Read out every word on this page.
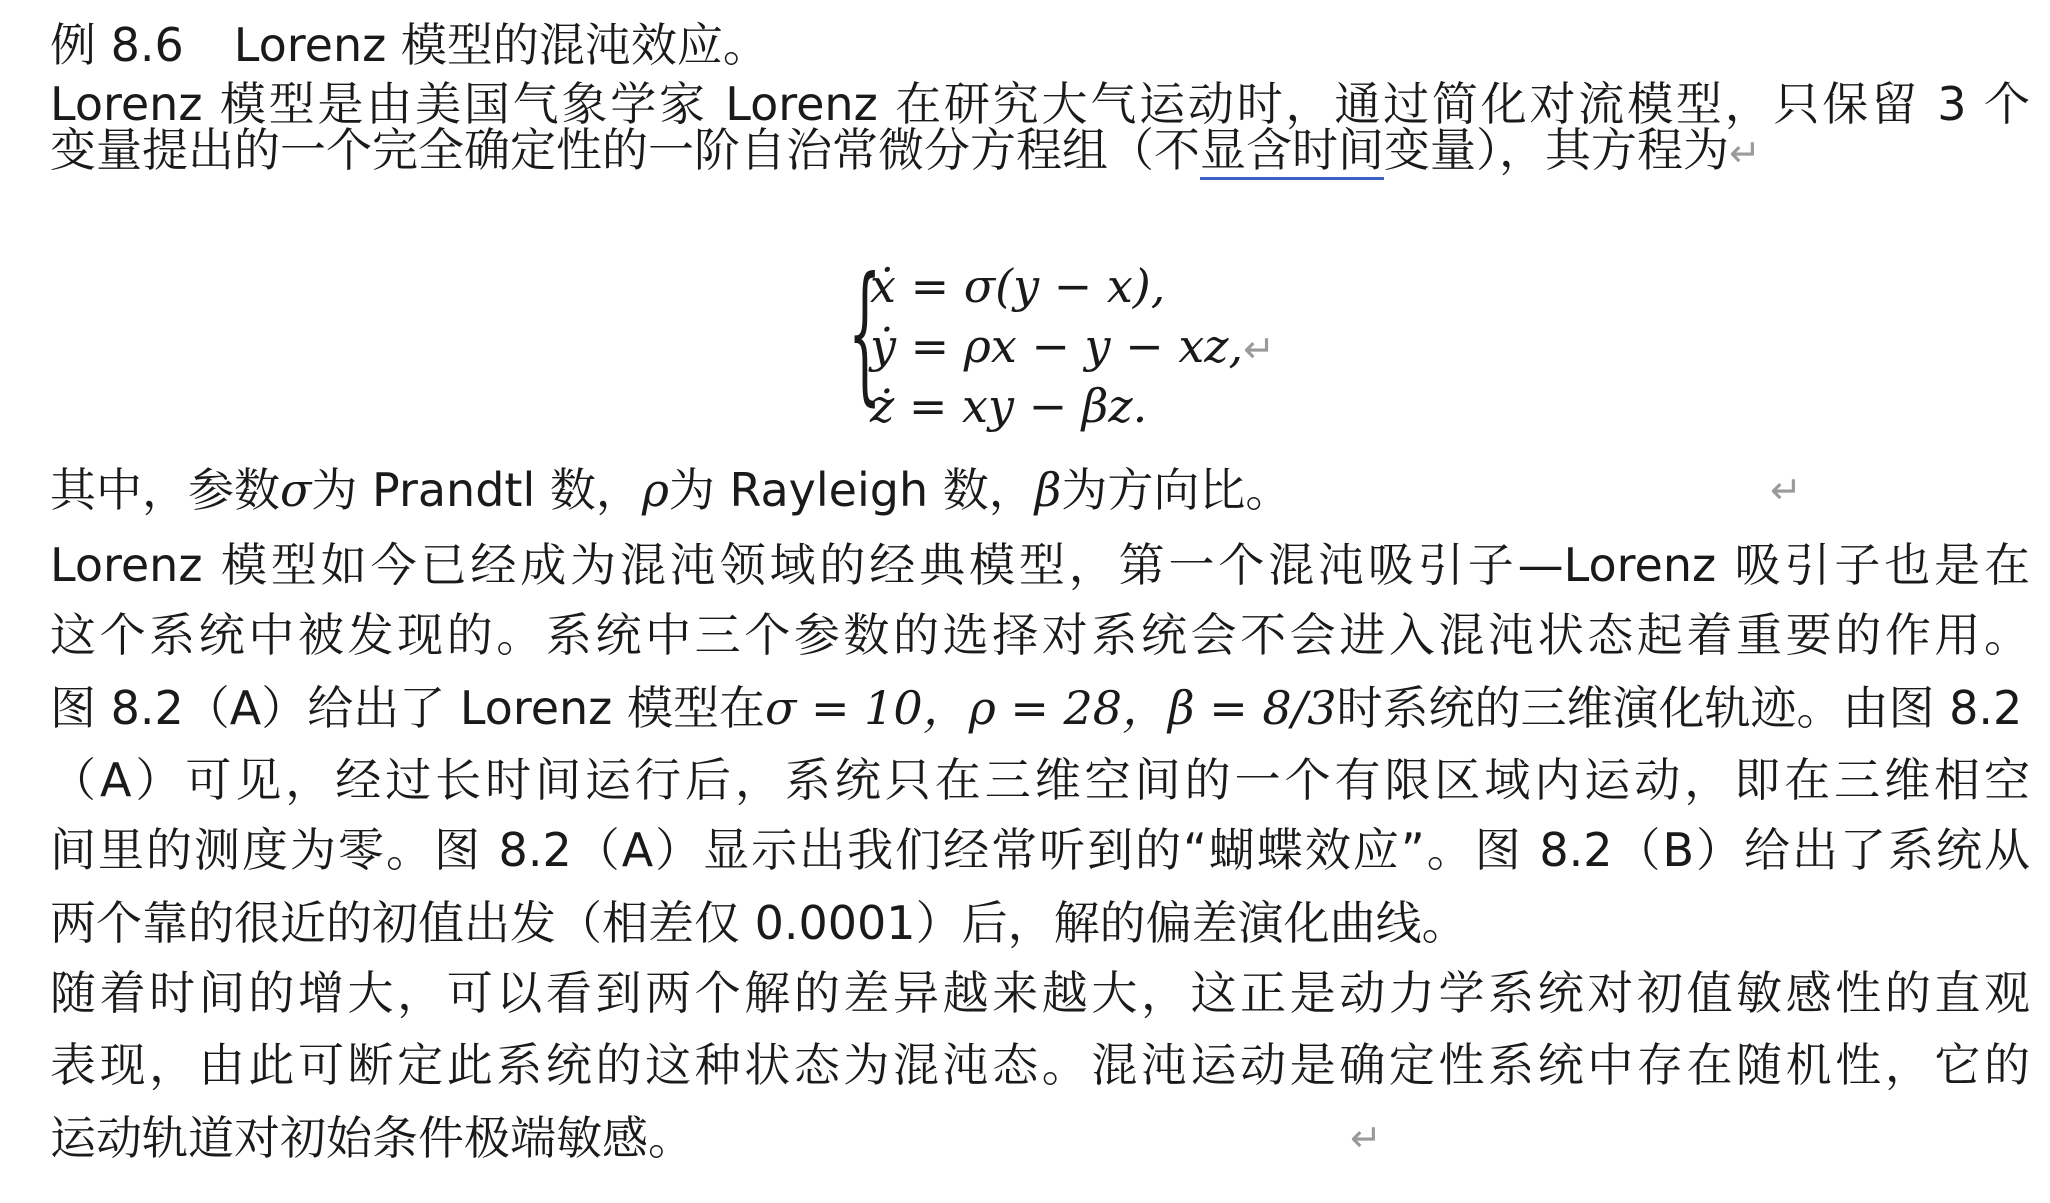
例 8.6 Lorenz 模型的混沌效应。
Lorenz 模型是由美国气象学家 Lorenz 在研究大气运动时，通过简化对流模型，只保留 3 个
变量提出的一个完全确定性的一阶自治常微分方程组（不显含时间变量），其方程为↵
{
ẋ = σ(y − x),
ẏ = ρx − y − xz,↵
ż = xy − βz.
其中，参数σ为 Prandtl 数，ρ为 Rayleigh 数，β为方向比。	↵
Lorenz 模型如今已经成为混沌领域的经典模型，第一个混沌吸引子—Lorenz 吸引子也是在
这个系统中被发现的。系统中三个参数的选择对系统会不会进入混沌状态起着重要的作用。
图 8.2（A）给出了 Lorenz 模型在σ = 10，ρ = 28，β = 8/3时系统的三维演化轨迹。由图 8.2
（A）可见，经过长时间运行后，系统只在三维空间的一个有限区域内运动，即在三维相空
间里的测度为零。图 8.2（A）显示出我们经常听到的“蝴蝶效应”。图 8.2（B）给出了系统从
两个靠的很近的初值出发（相差仅 0.0001）后，解的偏差演化曲线。
随着时间的增大，可以看到两个解的差异越来越大，这正是动力学系统对初值敏感性的直观
表现，由此可断定此系统的这种状态为混沌态。混沌运动是确定性系统中存在随机性，它的
运动轨道对初始条件极端敏感。	↵
